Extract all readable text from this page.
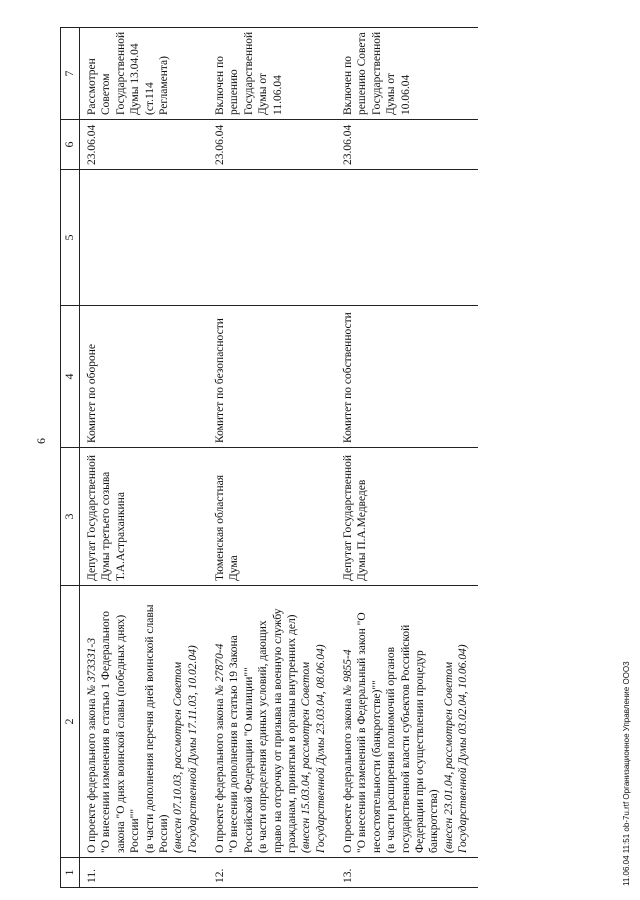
6
1	2	3	4	5	6	7
11.	О проекте федерального закона № 373331-3 "О внесении изменения в статью 1 Федерального закона "О днях воинской славы (победных днях) России"" (в части дополнения перечня дней воинской славы России) (внесен 07.10.03, рассмотрен Советом Государственной Думы 17.11.03, 10.02.04)	Депутат Государственной Думы третьего созыва Т.А.Астраханкина	Комитет по обороне		23.06.04	Рассмотрен Советом Государственной Думы 13.04.04 (ст.114 Регламента)
12.	О проекте федерального закона № 27870-4 "О внесении дополнения в статью 19 Закона Российской Федерации "О милиции"" (в части определения единых условий, дающих право на отсрочку от призыва на военную службу гражданам, принятым в органы внутренних дел) (внесен 15.03.04, рассмотрен Советом Государственной Думы 23.03.04, 08.06.04)	Тюменская областная Дума	Комитет по безопасности		23.06.04	Включен по решению Государственной Думы от 11.06.04
13.	О проекте федерального закона № 9855-4 "О внесении изменений в Федеральный закон "О несостоятельности (банкротстве)"" (в части расширения полномочий органов государственной власти субъектов Российской Федерации при осуществлении процедур банкротства) (внесен 23.01.04, рассмотрен Советом Государственной Думы 03.02.04, 10.06.04)	Депутат Государственной Думы П.А.Медведев	Комитет по собственности		23.06.04	Включен по решению Совета Государственной Думы от 10.06.04
11.06.04 11:51 ob-7u.rtf Организационное Управление ООО3
